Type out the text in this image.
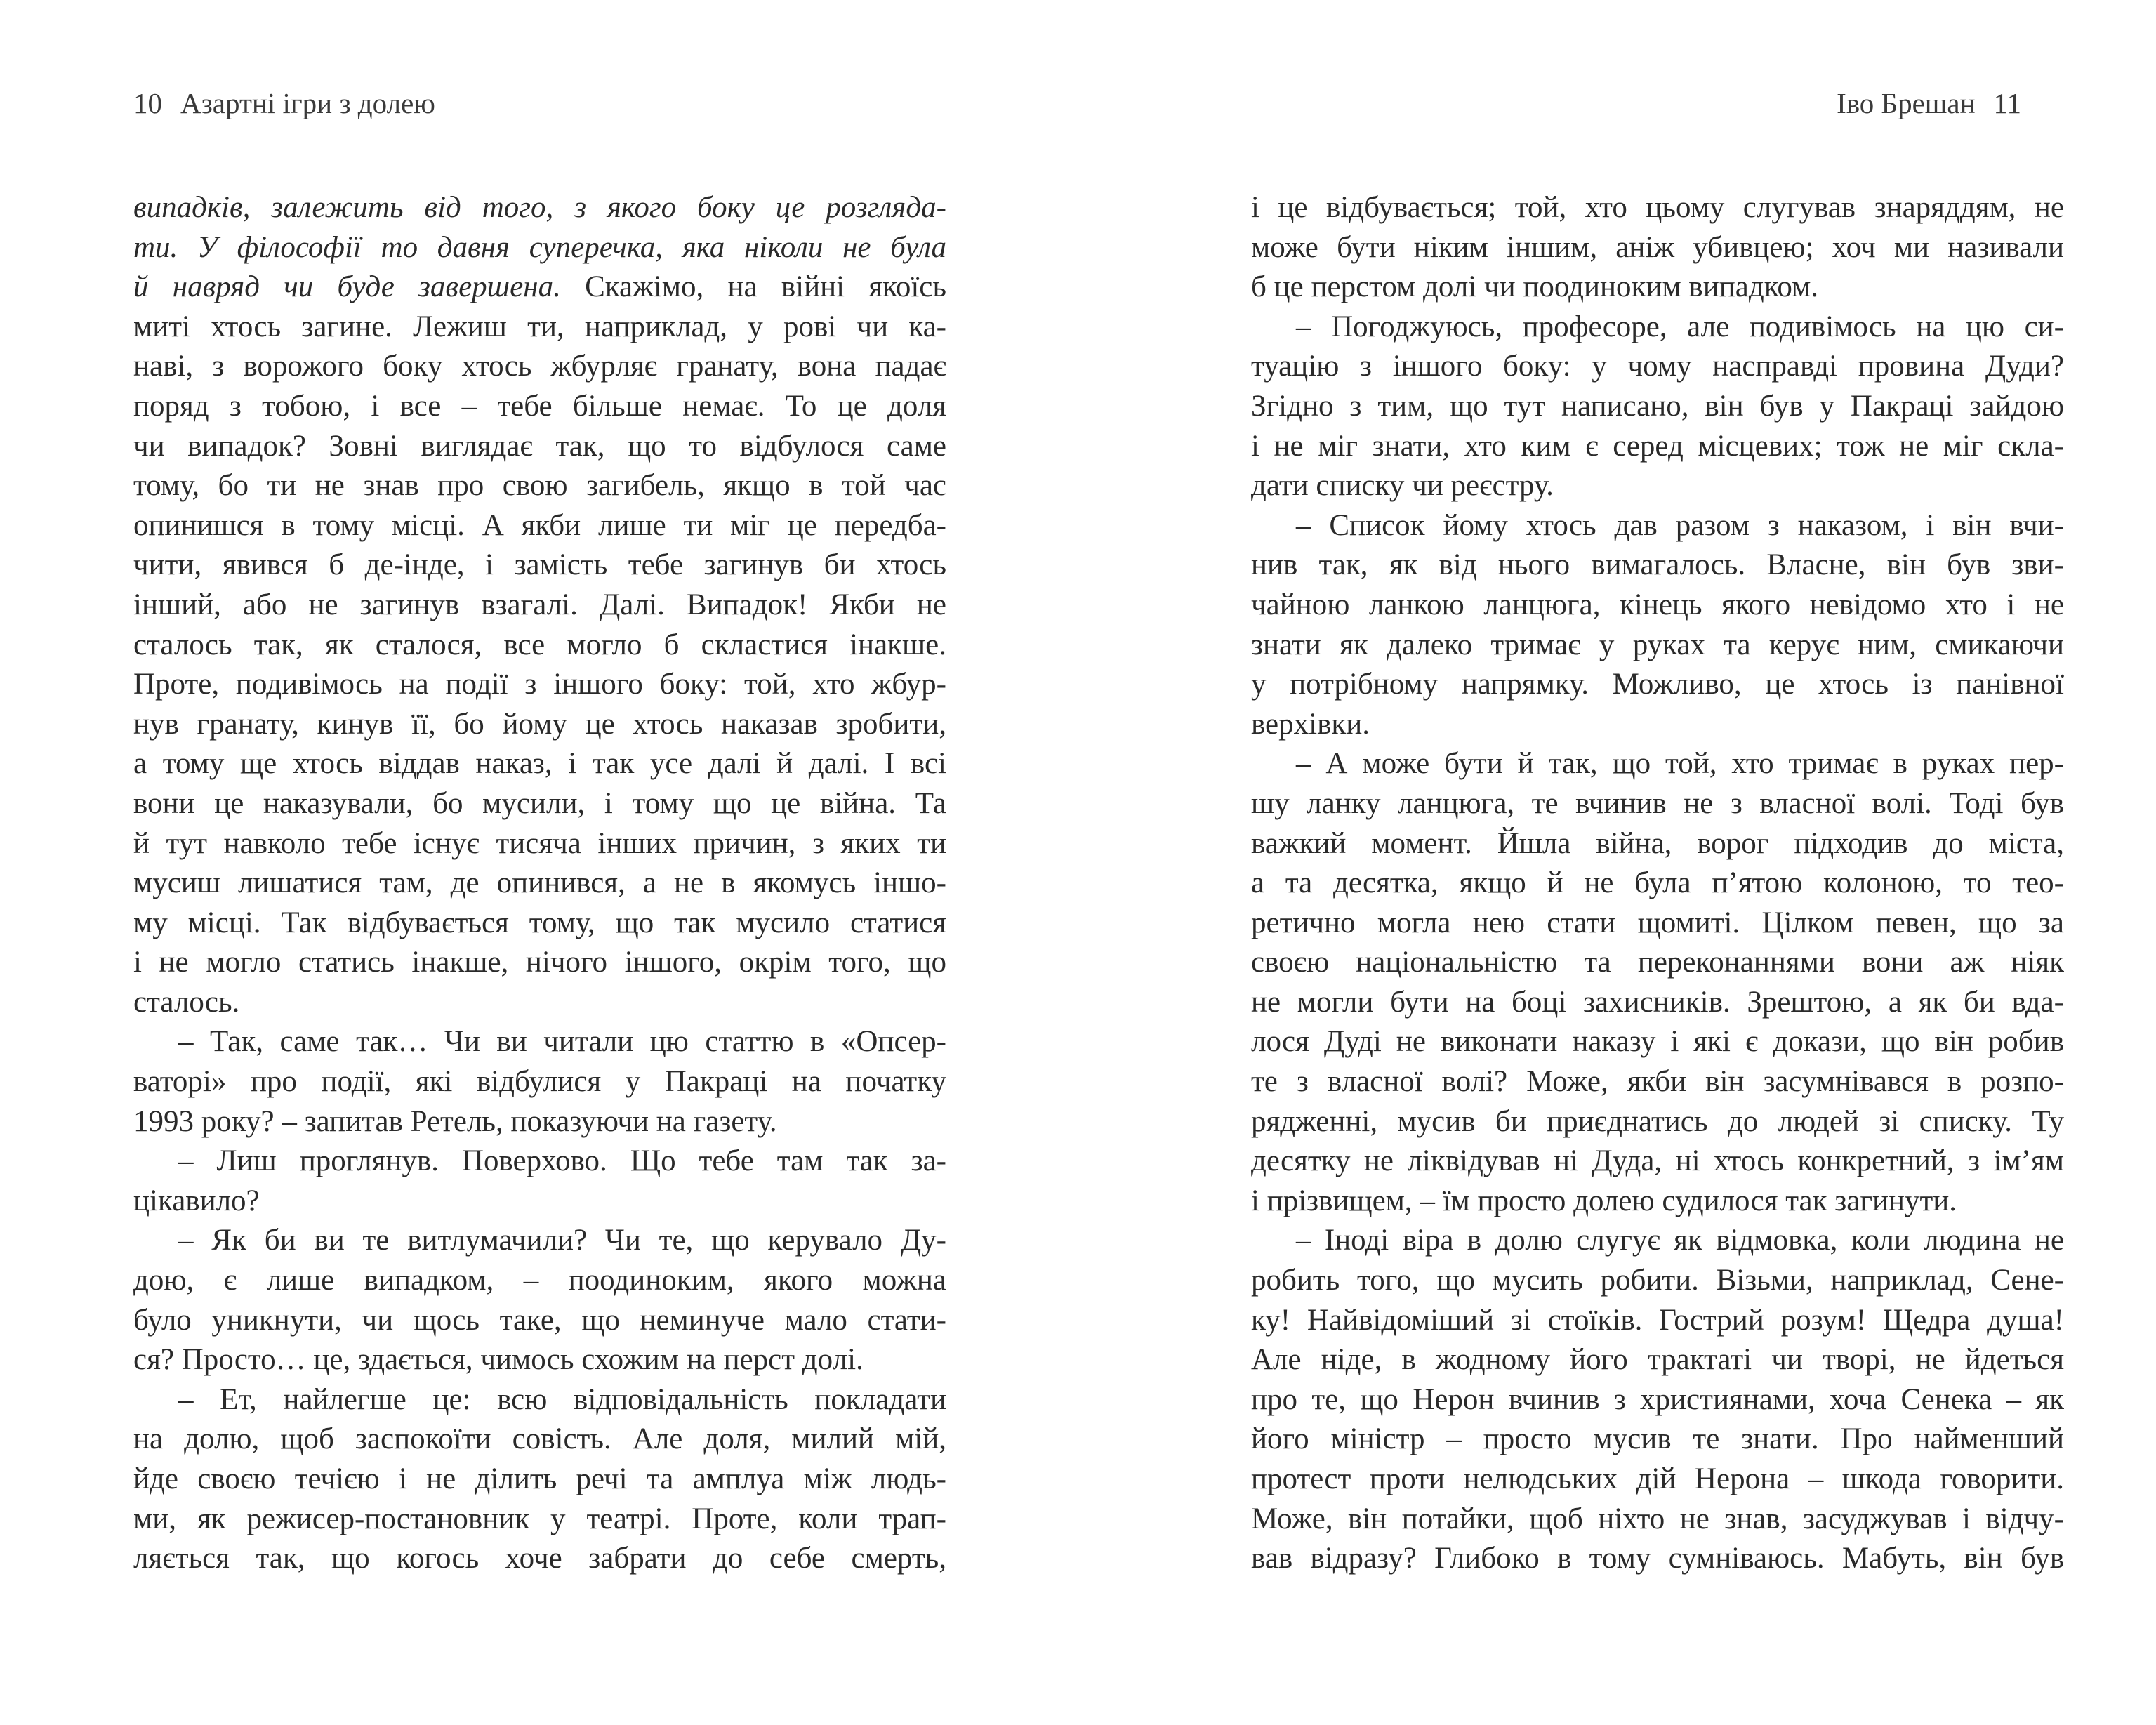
10 Азартні ігри з долею
випадків, залежить від того, з якого боку це розгляда-
ти. У філософії то давня суперечка, яка ніколи не була
й навряд чи буде завершена. Скажімо, на війні якоїсь
миті хтось загине. Лежиш ти, наприклад, у рові чи ка-
наві, з ворожого боку хтось жбурляє гранату, вона падає
поряд з тобою, і все – тебе більше немає. То це доля
чи випадок? Зовні виглядає так, що то відбулося саме
тому, бо ти не знав про свою загибель, якщо в той час
опинишся в тому місці. А якби лише ти міг це передба-
чити, явився б де-інде, і замість тебе загинув би хтось
інший, або не загинув взагалі. Далі. Випадок! Якби не
сталось так, як сталося, все могло б скластися інакше.
Проте, подивімось на події з іншого боку: той, хто жбур-
нув гранату, кинув її, бо йому це хтось наказав зробити,
а тому ще хтось віддав наказ, і так усе далі й далі. І всі
вони це наказували, бо мусили, і тому що це війна. Та
й тут навколо тебе існує тисяча інших причин, з яких ти
мусиш лишатися там, де опинився, а не в якомусь іншо-
му місці. Так відбувається тому, що так мусило статися
і не могло статись інакше, нічого іншого, окрім того, що
сталось.
– Так, саме так… Чи ви читали цю статтю в «Опсер-
ваторі» про події, які відбулися у Пакраці на початку
1993 року? – запитав Ретель, показуючи на газету.
– Лиш проглянув. Поверхово. Що тебе там так за-
цікавило?
– Як би ви те витлумачили? Чи те, що керувало Ду-
дою, є лише випадком, – поодиноким, якого можна
було уникнути, чи щось таке, що неминуче мало стати-
ся? Просто… це, здається, чимось схожим на перст долі.
– Ет, найлегше це: всю відповідальність покладати
на долю, щоб заспокоїти совість. Але доля, милий мій,
йде своєю течією і не ділить речі та амплуа між людь-
ми, як режисер-постановник у театрі. Проте, коли трап-
ляється так, що когось хоче забрати до себе смерть,
Іво Брешан 11
і це відбувається; той, хто цьому слугував знаряддям, не
може бути ніким іншим, аніж убивцею; хоч ми називали
б це перстом долі чи поодиноким випадком.
– Погоджуюсь, професоре, але подивімось на цю си-
туацію з іншого боку: у чому насправді провина Дуди?
Згідно з тим, що тут написано, він був у Пакраці зайдою
і не міг знати, хто ким є серед місцевих; тож не міг скла-
дати списку чи реєстру.
– Список йому хтось дав разом з наказом, і він вчи-
нив так, як від нього вимагалось. Власне, він був зви-
чайною ланкою ланцюга, кінець якого невідомо хто і не
знати як далеко тримає у руках та керує ним, смикаючи
у потрібному напрямку. Можливо, це хтось із панівної
верхівки.
– А може бути й так, що той, хто тримає в руках пер-
шу ланку ланцюга, те вчинив не з власної волі. Тоді був
важкий момент. Йшла війна, ворог підходив до міста,
а та десятка, якщо й не була п’ятою колоною, то тео-
ретично могла нею стати щомиті. Цілком певен, що за
своєю національністю та переконаннями вони аж ніяк
не могли бути на боці захисників. Зрештою, а як би вда-
лося Дуді не виконати наказу і які є докази, що він робив
те з власної волі? Може, якби він засумнівався в розпо-
рядженні, мусив би приєднатись до людей зі списку. Ту
десятку не ліквідував ні Дуда, ні хтось конкретний, з ім’ям
і прізвищем, – їм просто долею судилося так загинути.
– Іноді віра в долю слугує як відмовка, коли людина не
робить того, що мусить робити. Візьми, наприклад, Сене-
ку! Найвідоміший зі стоїків. Гострий розум! Щедра душа!
Але ніде, в жодному його трактаті чи творі, не йдеться
про те, що Нерон вчинив з християнами, хоча Сенека – як
його міністр – просто мусив те знати. Про найменший
протест проти нелюдських дій Нерона – шкода говорити.
Може, він потайки, щоб ніхто не знав, засуджував і відчу-
вав відразу? Глибоко в тому сумніваюсь. Мабуть, він був
